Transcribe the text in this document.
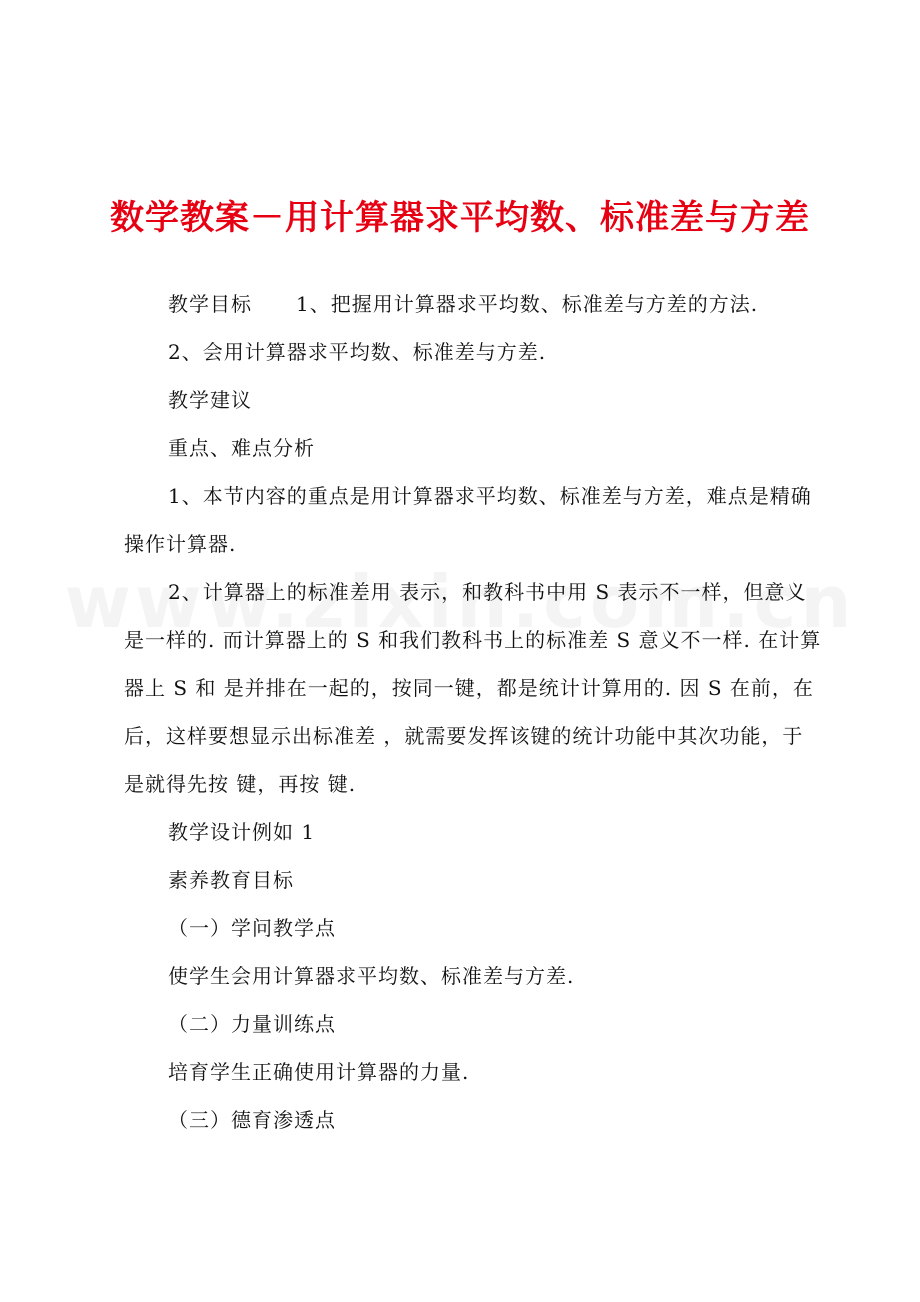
数学教案－用计算器求平均数、标准差与方差

教学目标 1、把握用计算器求平均数、标准差与方差的方法.

2、会用计算器求平均数、标准差与方差.

教学建议

重点、难点分析

1、本节内容的重点是用计算器求平均数、标准差与方差，难点是精确操作计算器.

2、计算器上的标准差用 表示，和教科书中用 S 表示不一样，但意义是一样的. 而计算器上的 S 和我们教科书上的标准差 S 意义不一样. 在计算器上 S 和 是并排在一起的，按同一键，都是统计计算用的. 因 S 在前，在后，这样要想显示出标准差 ，就需要发挥该键的统计功能中其次功能，于是就得先按 键，再按 键.

教学设计例如 1

素养教育目标

（一）学问教学点

使学生会用计算器求平均数、标准差与方差.

（二）力量训练点

培育学生正确使用计算器的力量.

（三）德育渗透点
